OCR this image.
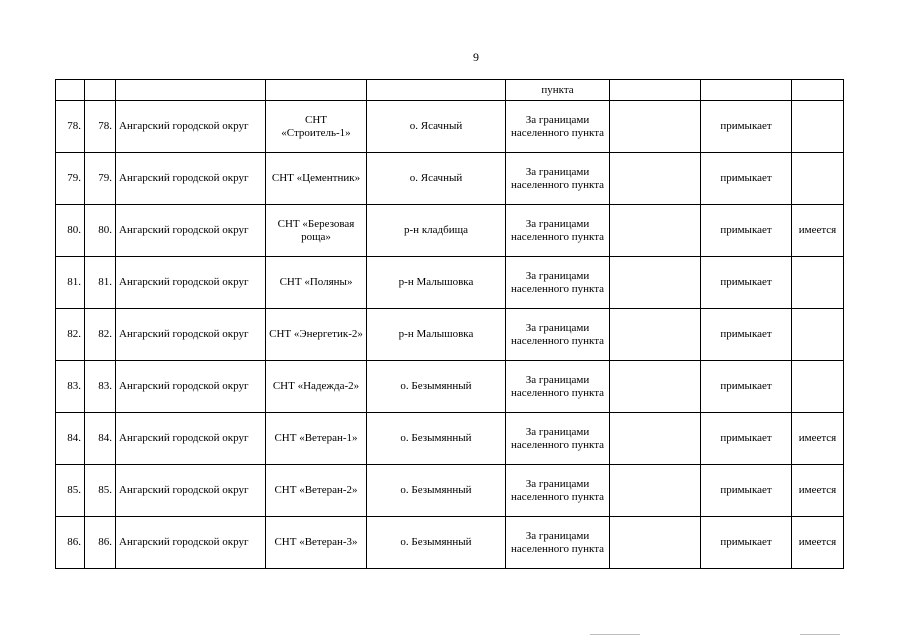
9
					пункта			
78.	78.	Ангарский городской округ	СНТ «Строитель-1»	о. Ясачный	За границами населенного пункта		примыкает	
79.	79.	Ангарский городской округ	СНТ «Цементник»	о. Ясачный	За границами населенного пункта		примыкает	
80.	80.	Ангарский городской округ	СНТ «Березовая роща»	р-н кладбища	За границами населенного пункта		примыкает	имеется
81.	81.	Ангарский городской округ	СНТ «Поляны»	р-н Малышовка	За границами населенного пункта		примыкает	
82.	82.	Ангарский городской округ	СНТ «Энергетик-2»	р-н Малышовка	За границами населенного пункта		примыкает	
83.	83.	Ангарский городской округ	СНТ «Надежда-2»	о. Безымянный	За границами населенного пункта		примыкает	
84.	84.	Ангарский городской округ	СНТ «Ветеран-1»	о. Безымянный	За границами населенного пункта		примыкает	имеется
85.	85.	Ангарский городской округ	СНТ «Ветеран-2»	о. Безымянный	За границами населенного пункта		примыкает	имеется
86.	86.	Ангарский городской округ	СНТ «Ветеран-3»	о. Безымянный	За границами населенного пункта		примыкает	имеется
